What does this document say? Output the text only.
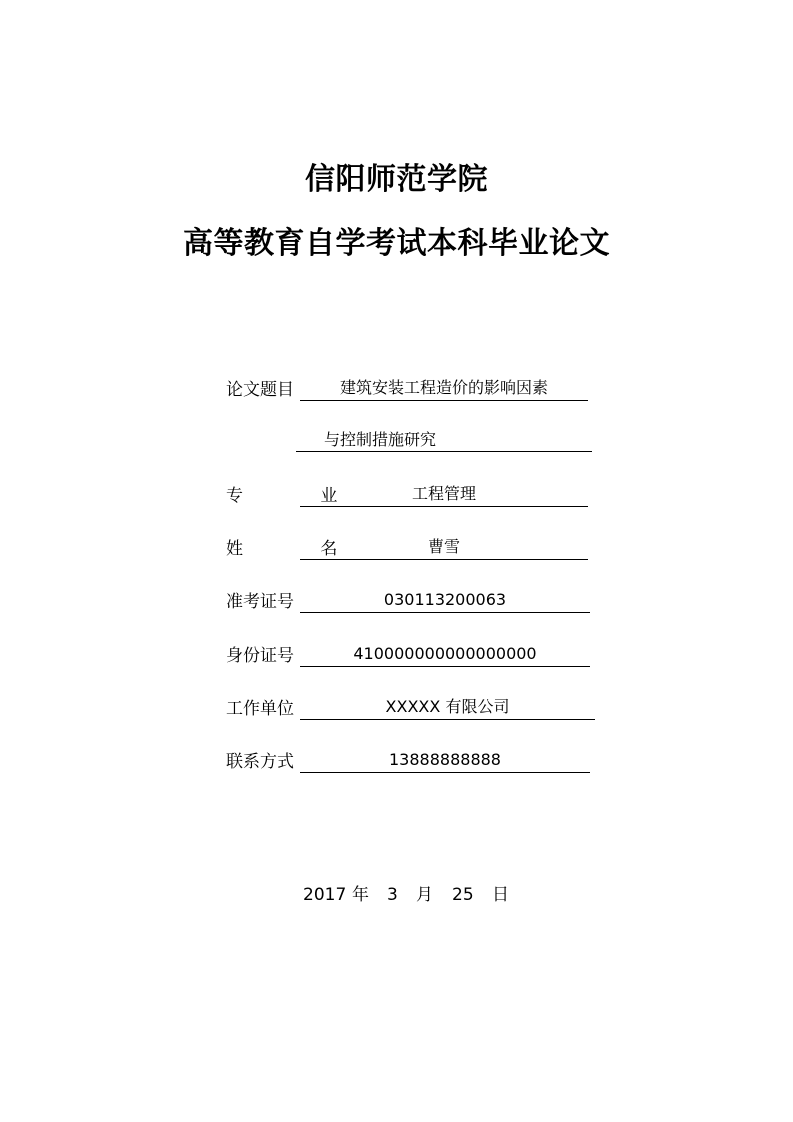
信阳师范学院
高等教育自学考试本科毕业论文
论文题目	建筑安装工程造价的影响因素
与控制措施研究
专 业	工程管理
姓 名	曹雪
准考证号	030113200063
身份证号	410000000000000000
工作单位	XXXXX 有限公司
联系方式	13888888888
2017 年 3 月 25 日
